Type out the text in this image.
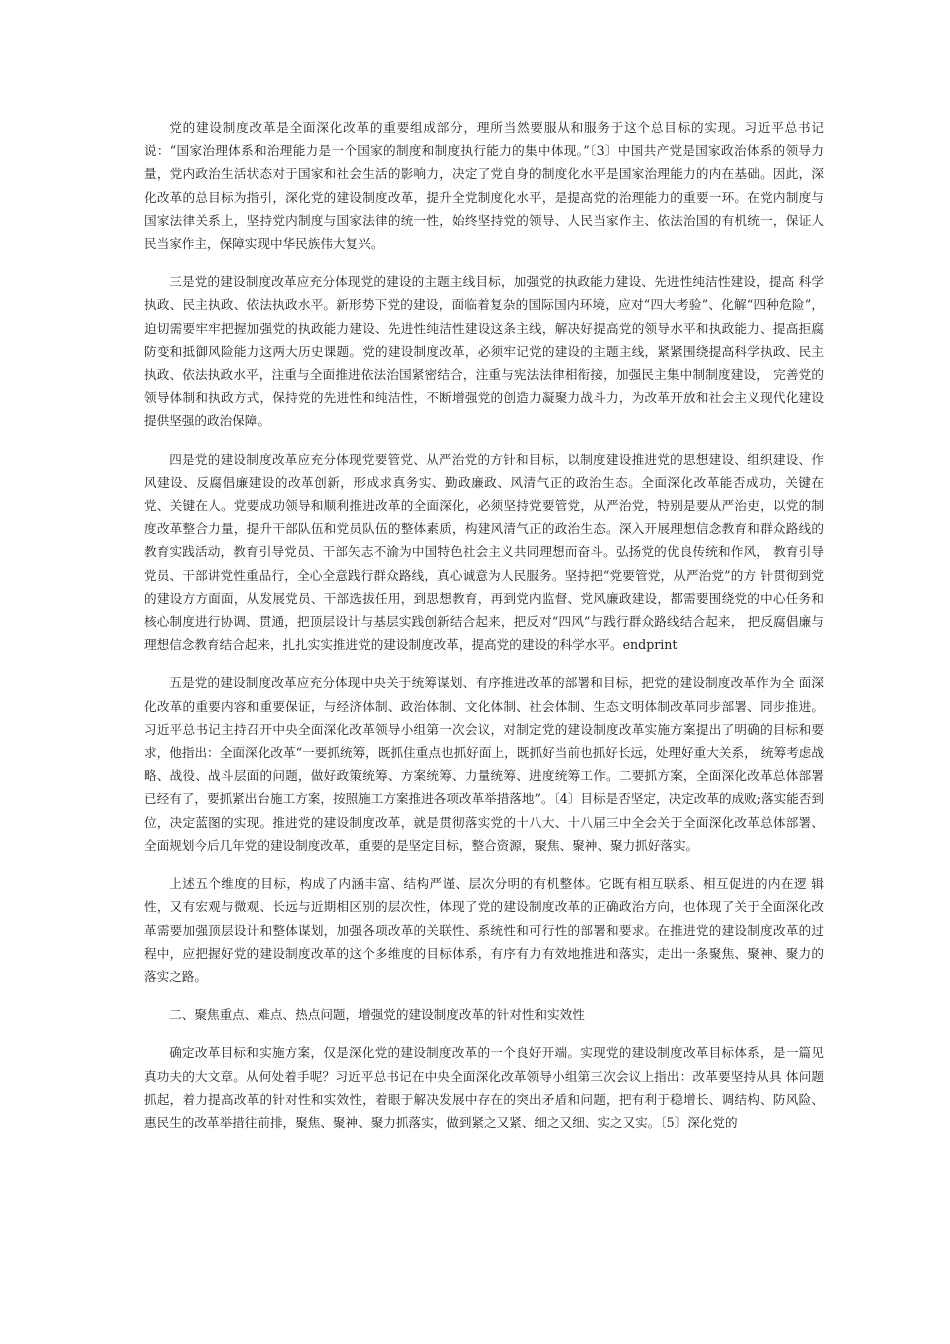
党的建设制度改革是全面深化改革的重要组成部分，理所当然要服从和服务于这个总目标的实现。习近平总书记 说：“国家治理体系和治理能力是一个国家的制度和制度执行能力的集中体现。”〔3〕中国共产党是国家政治体系的领导力量，党内政治生活状态对于国家和社会生活的影响力，决定了党自身的制度化水平是国家治理能力的内在基础。因此，深化改革的总目标为指引，深化党的建设制度改革，提升全党制度化水平，是提高党的治理能力的重要一环。在党内制度与国家法律关系上，坚持党内制度与国家法律的统一性，始终坚持党的领导、人民当家作主、依法治国的有机统一，保证人民当家作主，保障实现中华民族伟大复兴。

三是党的建设制度改革应充分体现党的建设的主题主线目标，加强党的执政能力建设、先进性纯洁性建设，提高 科学执政、民主执政、依法执政水平。新形势下党的建设，面临着复杂的国际国内环境，应对“四大考验”、化解“四种危险”，迫切需要牢牢把握加强党的执政能力建设、先进性纯洁性建设这条主线，解决好提高党的领导水平和执政能力、提高拒腐防变和抵御风险能力这两大历史课题。党的建设制度改革，必须牢记党的建设的主题主线，紧紧围绕提高科学执政、民主执政、依法执政水平，注重与全面推进依法治国紧密结合，注重与宪法法律相衔接，加强民主集中制制度建设， 完善党的领导体制和执政方式，保持党的先进性和纯洁性，不断增强党的创造力凝聚力战斗力，为改革开放和社会主义现代化建设提供坚强的政治保障。

四是党的建设制度改革应充分体现党要管党、从严治党的方针和目标，以制度建设推进党的思想建设、组织建设、作风建设、反腐倡廉建设的改革创新，形成求真务实、勤政廉政、风清气正的政治生态。全面深化改革能否成功，关键在党、关键在人。党要成功领导和顺利推进改革的全面深化，必须坚持党要管党，从严治党，特别是要从严治吏，以党的制度改革整合力量，提升干部队伍和党员队伍的整体素质，构建风清气正的政治生态。深入开展理想信念教育和群众路线的教育实践活动，教育引导党员、干部矢志不渝为中国特色社会主义共同理想而奋斗。弘扬党的优良传统和作风， 教育引导党员、干部讲党性重品行，全心全意践行群众路线，真心诚意为人民服务。坚持把“党要管党，从严治党”的方 针贯彻到党的建设方方面面，从发展党员、干部选拔任用，到思想教育，再到党内监督、党风廉政建设，都需要围绕党的中心任务和核心制度进行协调、贯通，把顶层设计与基层实践创新结合起来，把反对“四风”与践行群众路线结合起来， 把反腐倡廉与理想信念教育结合起来，扎扎实实推进党的建设制度改革，提高党的建设的科学水平。endprint

五是党的建设制度改革应充分体现中央关于统筹谋划、有序推进改革的部署和目标，把党的建设制度改革作为全 面深化改革的重要内容和重要保证，与经济体制、政治体制、文化体制、社会体制、生态文明体制改革同步部署、同步推进。习近平总书记主持召开中央全面深化改革领导小组第一次会议，对制定党的建设制度改革实施方案提出了明确的目标和要求，他指出：全面深化改革“一要抓统筹，既抓住重点也抓好面上，既抓好当前也抓好长远，处理好重大关系， 统筹考虑战略、战役、战斗层面的问题，做好政策统筹、方案统筹、力量统筹、进度统筹工作。二要抓方案，全面深化改革总体部署已经有了，要抓紧出台施工方案，按照施工方案推进各项改革举措落地”。〔4〕目标是否坚定，决定改革的成败;落实能否到位，决定蓝图的实现。推进党的建设制度改革，就是贯彻落实党的十八大、十八届三中全会关于全面深化改革总体部署、全面规划今后几年党的建设制度改革，重要的是坚定目标，整合资源，聚焦、聚神、聚力抓好落实。

上述五个维度的目标，构成了内涵丰富、结构严谨、层次分明的有机整体。它既有相互联系、相互促进的内在逻 辑性，又有宏观与微观、长远与近期相区别的层次性，体现了党的建设制度改革的正确政治方向，也体现了关于全面深化改革需要加强顶层设计和整体谋划，加强各项改革的关联性、系统性和可行性的部署和要求。在推进党的建设制度改革的过程中，应把握好党的建设制度改革的这个多维度的目标体系，有序有力有效地推进和落实，走出一条聚焦、聚神、聚力的落实之路。

二、聚焦重点、难点、热点问题，增强党的建设制度改革的针对性和实效性

确定改革目标和实施方案，仅是深化党的建设制度改革的一个良好开端。实现党的建设制度改革目标体系，是一篇见真功夫的大文章。从何处着手呢？习近平总书记在中央全面深化改革领导小组第三次会议上指出：改革要坚持从具 体问题抓起，着力提高改革的针对性和实效性，着眼于解决发展中存在的突出矛盾和问题，把有利于稳增长、调结构、防风险、惠民生的改革举措往前排，聚焦、聚神、聚力抓落实，做到紧之又紧、细之又细、实之又实。〔5〕深化党的
